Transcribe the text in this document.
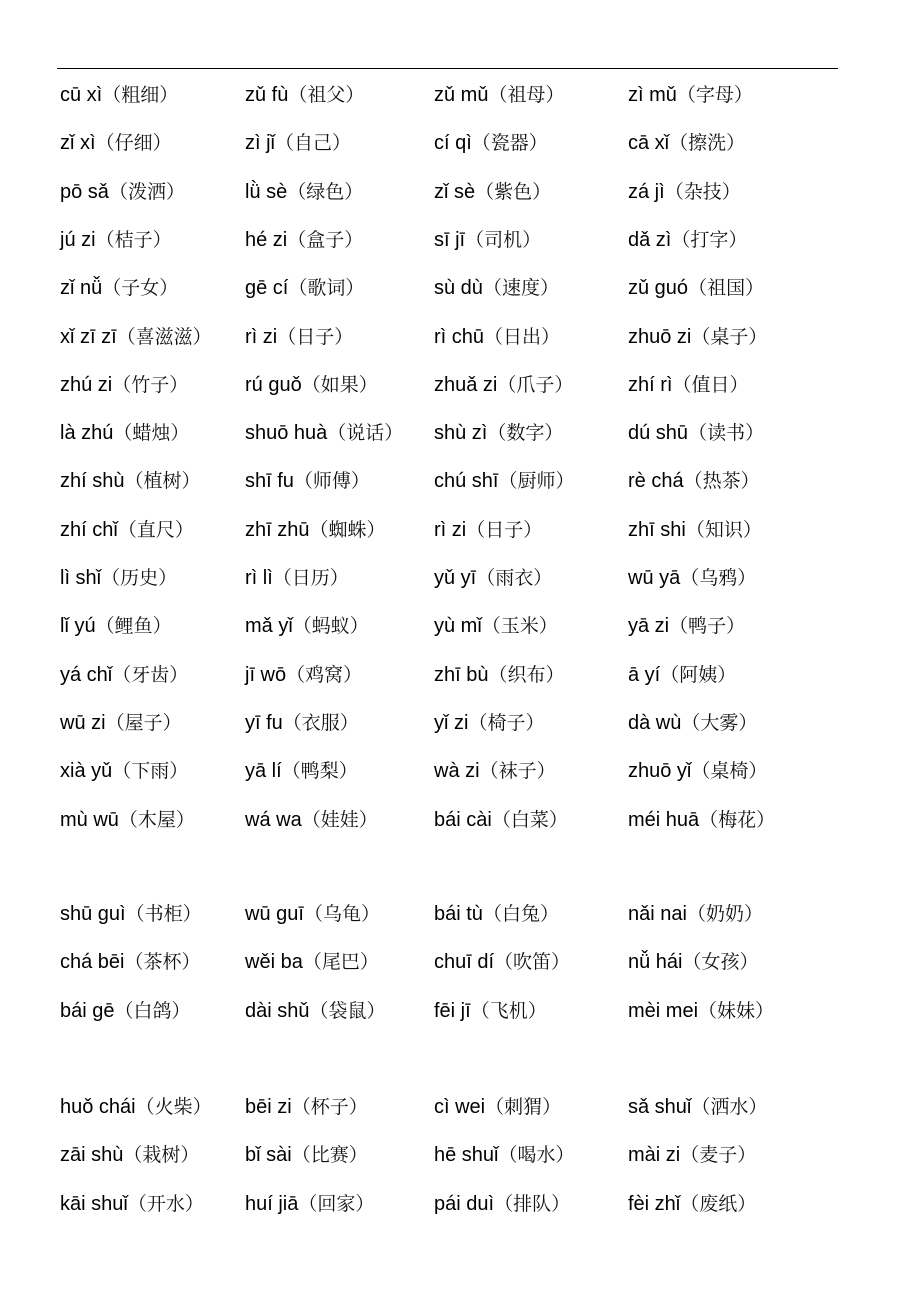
cū xì（粗细）	zǔ fù（祖父）	zǔ mǔ（祖母）	zì mǔ（字母）
zǐ xì（仔细）	zì jǐ（自己）	cí qì（瓷器）	cā xǐ（擦洗）
pō sǎ（泼洒）	lǜ sè（绿色）	zǐ sè（紫色）	zá jì（杂技）
jú zi（桔子）	hé zi（盒子）	sī jī（司机）	dǎ zì（打字）
zǐ nǚ（子女）	gē cí（歌词）	sù dù（速度）	zǔ guó（祖国）
xǐ zī zī（喜滋滋） rì zi（日子）	rì chū（日出）	zhuō zi（桌子）
zhú zi（竹子）	rú guǒ（如果）	zhuǎ zi（爪子）	zhí rì（值日）
là zhú（蜡烛）	shuō huà（说话） shù zì（数字）	dú shū（读书）
zhí shù（植树） shī fu（师傅）	chú shī（厨师）	rè chá（热茶）
zhí chǐ（直尺）	zhī zhū（蜘蛛） rì zi（日子）	zhī shi（知识）
lì shǐ（历史）	rì lì（日历）	yǔ yī（雨衣）	wū yā（乌鸦）
lǐ yú（鲤鱼）	mǎ yǐ（蚂蚁）	yù mǐ（玉米）	yā zi（鸭子）
yá chǐ（牙齿）	jī wō（鸡窝）	zhī bù（织布）	ā yí（阿姨）
wū zi（屋子）	yī fu（衣服）	yǐ zi（椅子）	dà wù（大雾）
xià yǔ（下雨）	yā lí（鸭梨）	wà zi（袜子）	zhuō yǐ（桌椅）
mù wū（木屋）	wá wa（娃娃）	bái cài（白菜）	méi huā（梅花）
shū guì（书柜） wū guī（乌龟）	bái tù（白兔）	nǎi nai（奶奶）
chá bēi（茶杯） wěi ba（尾巴）	chuī dí（吹笛）	nǚ hái（女孩）
bái gē（白鸽）	dài shǔ（袋鼠） fēi jī（飞机）	mèi mei（妹妹）
huǒ chái（火柴） bēi zi（杯子）	cì wei（刺猬）	sǎ shuǐ（洒水）
zāi shù（栽树） bǐ sài（比赛）	hē shuǐ（喝水）	mài zi（麦子）
kāi shuǐ（开水） huí jiā（回家）	pái duì（排队）	fèi zhǐ（废纸）
